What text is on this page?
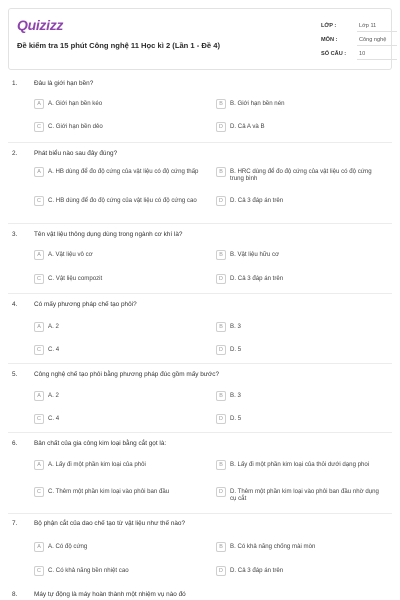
Quizizz
Đề kiểm tra 15 phút Công nghệ 11 Học kì 2 (Lần 1 - Đề 4)
LỚP :	Lớp 11
MÔN :	Công nghệ
SỐ CÂU :	10
1.	Đâu là giới hạn bền?
A	A. Giới hạn bền kéo	B	B. Giới hạn bền nén
C	C. Giới hạn bền dẻo	D	D. Cả A và B
2.	Phát biểu nào sau đây đúng?
A	A. HB dùng để đo độ cứng của vật liệu có độ cứng thấp	B	B. HRC dùng để đo độ cứng của vật liệu có độ cứng trung bình
C	C. HB dùng để đo độ cứng của vật liệu có độ cứng cao	D	D. Cả 3 đáp án trên
3.	Tên vật liệu thông dụng dùng trong ngành cơ khí là?
A	A. Vật liệu vô cơ	B	B. Vật liệu hữu cơ
C	C. Vật liệu compozit	D	D. Cả 3 đáp án trên
4.	Có mấy phương pháp chế tạo phôi?
A	A. 2	B	B. 3
C	C. 4	D	D. 5
5.	Công nghệ chế tạo phôi bằng phương pháp đúc gồm mấy bước?
A	A. 2	B	B. 3
C	C. 4	D	D. 5
6.	Bản chất của gia công kim loại bằng cắt gọt là:
A	A. Lấy đi một phần kim loại của phôi	B	B. Lấy đi một phần kim loại của thỏi dưới dạng phoi
C	C. Thêm một phần kim loại vào phôi ban đầu	D	D. Thêm một phần kim loại vào phôi ban đầu nhờ dụng cụ cắt
7.	Bộ phận cắt của dao chế tạo từ vật liệu như thế nào?
A	A. Có độ cứng	B	B. Có khả năng chống mài mòn
C	C. Có khả năng bền nhiệt cao	D	D. Cả 3 đáp án trên
8.	Máy tự động là máy hoàn thành một nhiệm vụ nào đó
